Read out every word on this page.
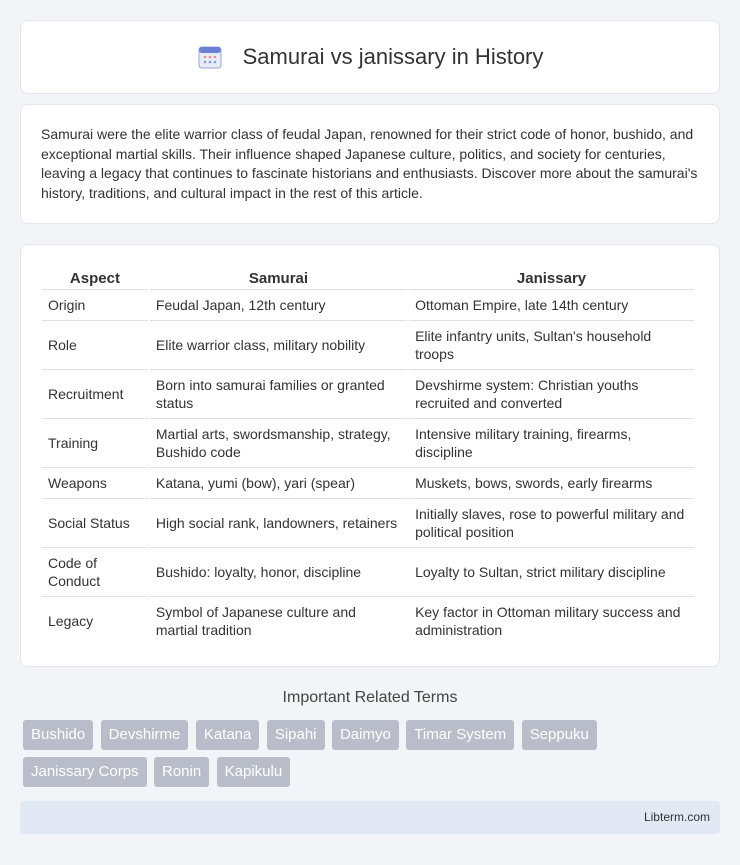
Samurai vs janissary in History

Samurai were the elite warrior class of feudal Japan, renowned for their strict code of honor, bushido, and exceptional martial skills. Their influence shaped Japanese culture, politics, and society for centuries, leaving a legacy that continues to fascinate historians and enthusiasts. Discover more about the samurai's history, traditions, and cultural impact in the rest of this article.

Aspect	Samurai	Janissary
Origin	Feudal Japan, 12th century	Ottoman Empire, late 14th century
Role	Elite warrior class, military nobility	Elite infantry units, Sultan's household troops
Recruitment	Born into samurai families or granted status	Devshirme system: Christian youths recruited and converted
Training	Martial arts, swordsmanship, strategy, Bushido code	Intensive military training, firearms, discipline
Weapons	Katana, yumi (bow), yari (spear)	Muskets, bows, swords, early firearms
Social Status	High social rank, landowners, retainers	Initially slaves, rose to powerful military and political position
Code of Conduct	Bushido: loyalty, honor, discipline	Loyalty to Sultan, strict military discipline
Legacy	Symbol of Japanese culture and martial tradition	Key factor in Ottoman military success and administration
Important Related Terms
Bushido Devshirme Katana Sipahi Daimyo Timar System Seppuku Janissary Corps Ronin Kapikulu
Libterm.com
